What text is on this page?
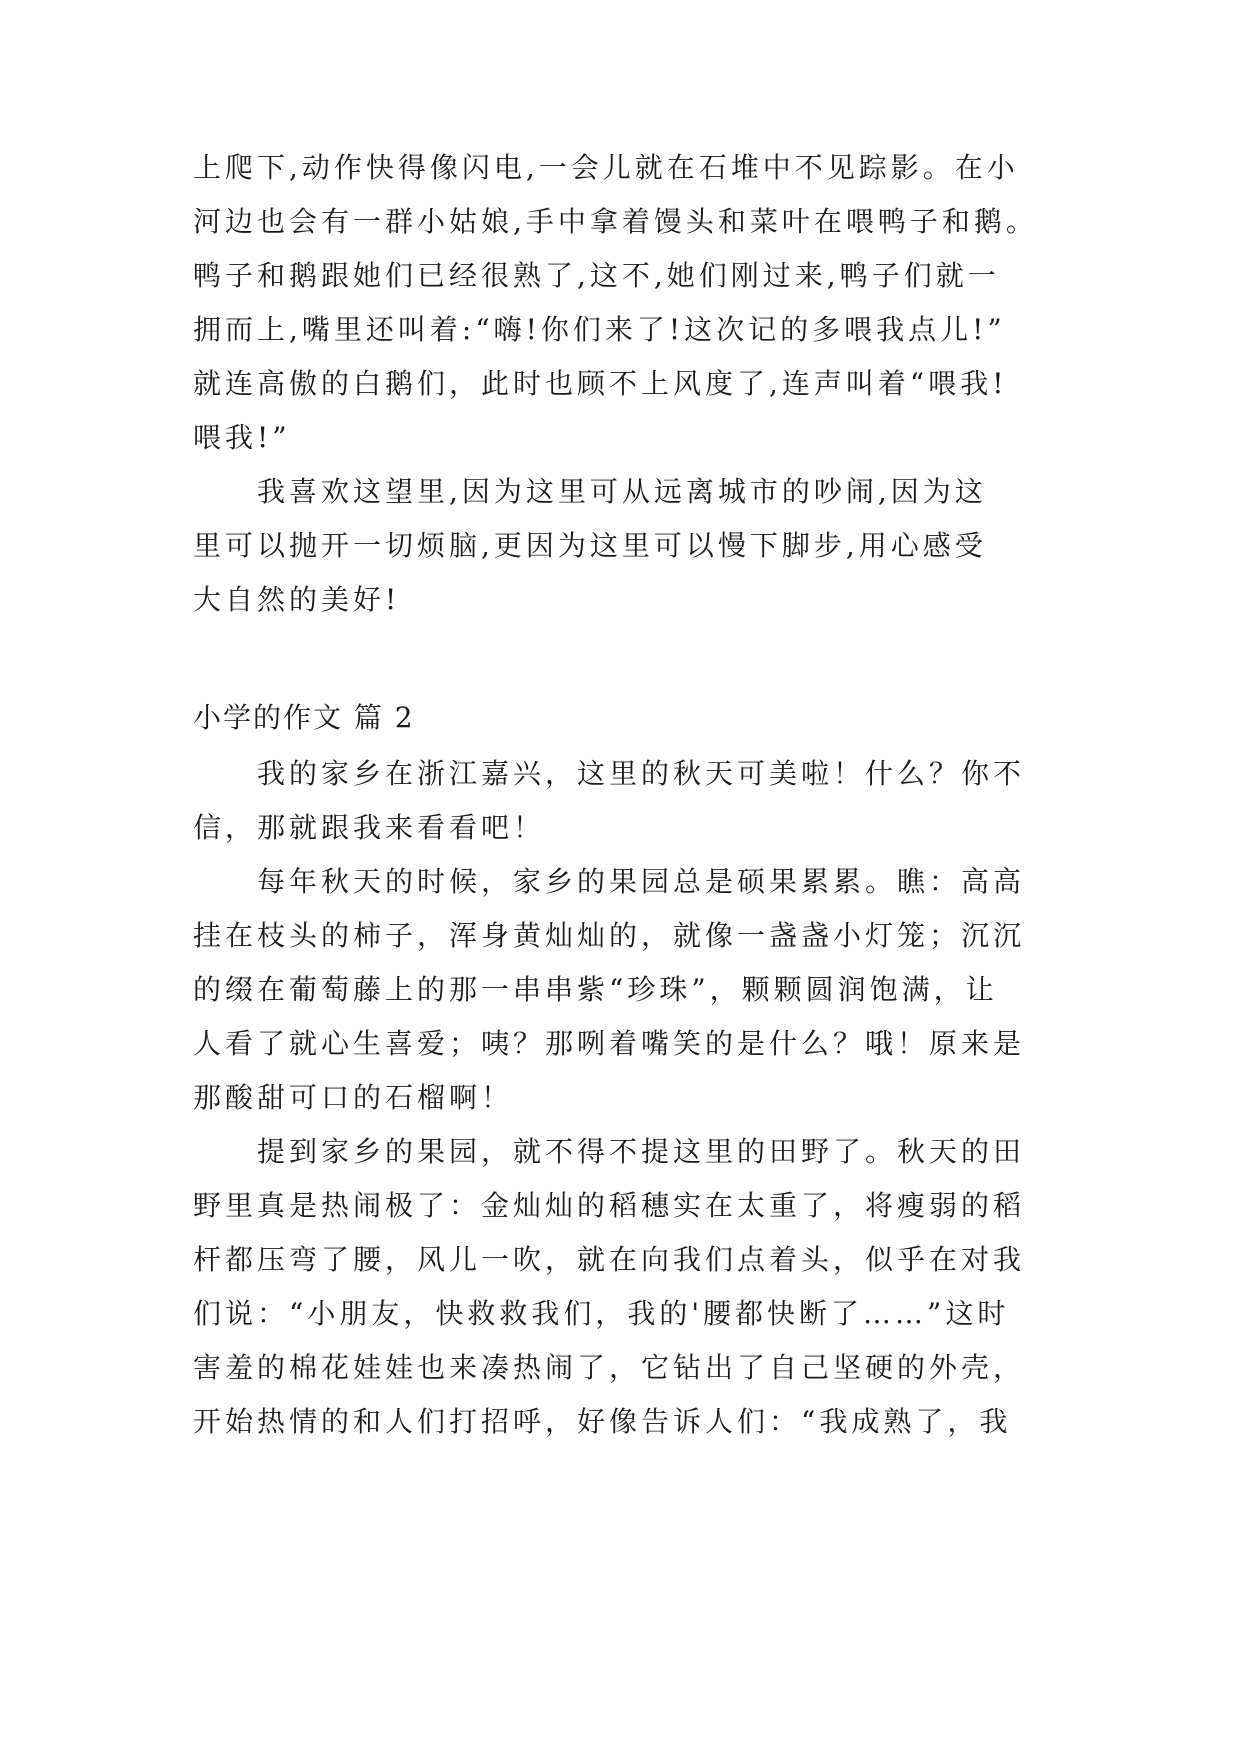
上爬下,动作快得像闪电,一会儿就在石堆中不见踪影。在小
河边也会有一群小姑娘,手中拿着馒头和菜叶在喂鸭子和鹅。
鸭子和鹅跟她们已经很熟了,这不,她们刚过来,鸭子们就一
拥而上,嘴里还叫着:“嗨!你们来了!这次记的多喂我点儿!”
就连高傲的白鹅们，此时也顾不上风度了,连声叫着“喂我!
喂我!”
　　我喜欢这望里,因为这里可从远离城市的吵闹,因为这
里可以抛开一切烦脑,更因为这里可以慢下脚步,用心感受
大自然的美好!
小学的作文 篇 2
　　我的家乡在浙江嘉兴，这里的秋天可美啦！什么？你不
信，那就跟我来看看吧！
　　每年秋天的时候，家乡的果园总是硕果累累。瞧：高高
挂在枝头的柿子，浑身黄灿灿的，就像一盏盏小灯笼；沉沉
的缀在葡萄藤上的那一串串紫“珍珠”，颗颗圆润饱满，让
人看了就心生喜爱；咦？那咧着嘴笑的是什么？哦！原来是
那酸甜可口的石榴啊！
　　提到家乡的果园，就不得不提这里的田野了。秋天的田
野里真是热闹极了：金灿灿的稻穗实在太重了，将瘦弱的稻
杆都压弯了腰，风儿一吹，就在向我们点着头，似乎在对我
们说：“小朋友，快救救我们，我的'腰都快断了……”这时
害羞的棉花娃娃也来凑热闹了，它钻出了自己坚硬的外壳，
开始热情的和人们打招呼，好像告诉人们：“我成熟了，我
